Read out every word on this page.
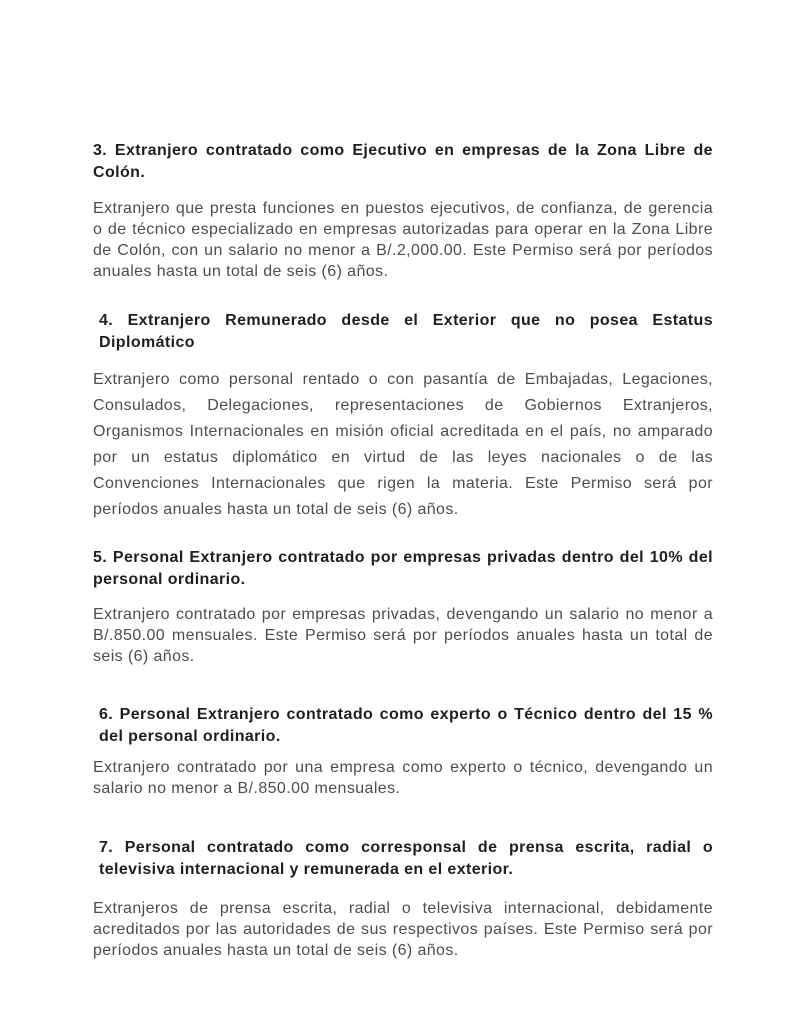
3. Extranjero contratado como Ejecutivo en empresas de la Zona Libre de Colón.

Extranjero que presta funciones en puestos ejecutivos, de confianza, de gerencia o de técnico especializado en empresas autorizadas para operar en la Zona Libre de Colón, con un salario no menor a B/.2,000.00. Este Permiso será por períodos anuales hasta un total de seis (6) años.

4. Extranjero Remunerado desde el Exterior que no posea Estatus Diplomático

Extranjero como personal rentado o con pasantía de Embajadas, Legaciones, Consulados, Delegaciones, representaciones de Gobiernos Extranjeros, Organismos Internacionales en misión oficial acreditada en el país, no amparado por un estatus diplomático en virtud de las leyes nacionales o de las Convenciones Internacionales que rigen la materia. Este Permiso será por períodos anuales hasta un total de seis (6) años.

5. Personal Extranjero contratado por empresas privadas dentro del 10% del personal ordinario.

Extranjero contratado por empresas privadas, devengando un salario no menor a B/.850.00 mensuales. Este Permiso será por períodos anuales hasta un total de seis (6) años.

6. Personal Extranjero contratado como experto o Técnico dentro del 15 % del personal ordinario.

Extranjero contratado por una empresa como experto o técnico, devengando un salario no menor a B/.850.00 mensuales.

7. Personal contratado como corresponsal de prensa escrita, radial o televisiva internacional y remunerada en el exterior.

Extranjeros de prensa escrita, radial o televisiva internacional, debidamente acreditados por las autoridades de sus respectivos países. Este Permiso será por períodos anuales hasta un total de seis (6) años.
